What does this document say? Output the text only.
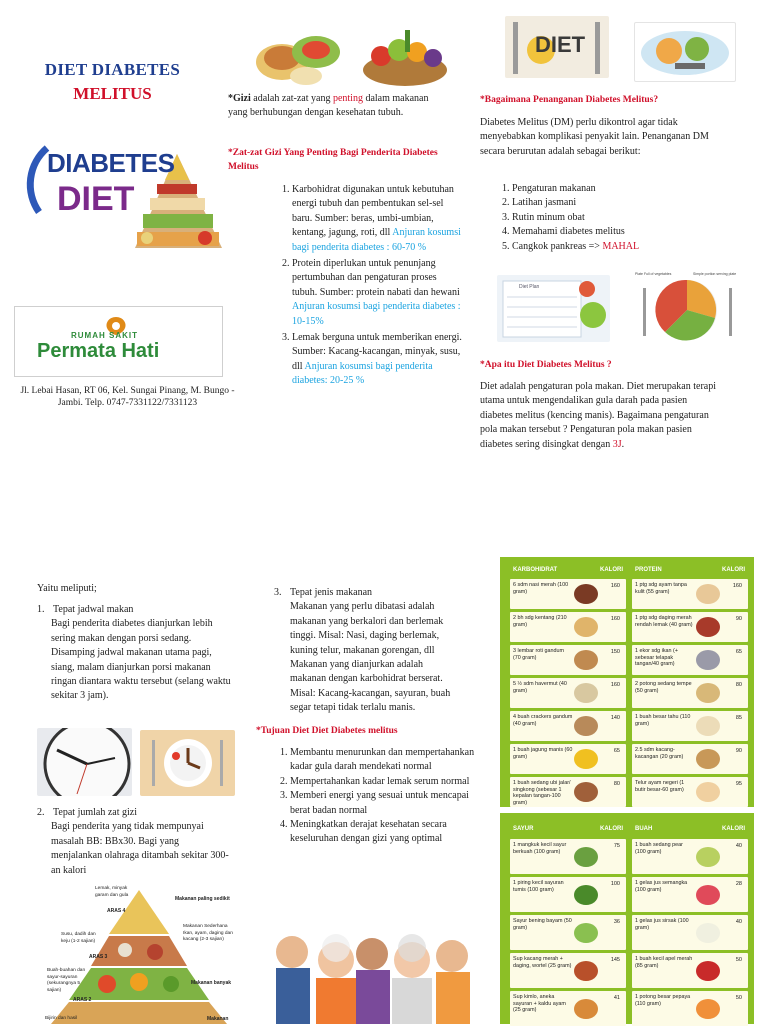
DIET DIABETES
MELITUS
DIABETES
DIET
RUMAH SAKIT
Permata Hati
Jl. Lebai Hasan, RT 06, Kel. Sungai Pinang, M. Bungo - Jambi. Telp. 0747-7331122/7331123
*Gizi adalah zat-zat yang penting dalam makanan yang berhubungan dengan kesehatan tubuh.
*Zat-zat Gizi Yang Penting Bagi Penderita Diabetes Melitus
1. Karbohidrat digunakan untuk kebutuhan energi tubuh dan pembentukan sel-sel baru. Sumber: beras, umbi-umbian, kentang, jagung, roti, dll Anjuran kosumsi bagi penderita diabetes : 60-70 %
2. Protein diperlukan untuk penunjang pertumbuhan dan pengaturan proses tubuh. Sumber: protein nabati dan hewani Anjuran kosumsi bagi penderita diabetes : 10-15%
3. Lemak berguna untuk memberikan energi. Sumber: Kacang-kacangan, minyak, susu, dll Anjuran kosumsi bagi penderita diabetes: 20-25 %
DIET
*Bagaimana Penanganan Diabetes Melitus?
Diabetes Melitus (DM) perlu dikontrol agar tidak menyebabkan komplikasi penyakit lain. Penanganan DM secara berurutan adalah sebagai berikut:
1. Pengaturan makanan
2. Latihan jasmani
3. Rutin minum obat
4. Memahami diabetes melitus
5. Cangkok pankreas => MAHAL
Diet Plan
Plate Full of vegetables	Simple portion serving plate
*Apa itu Diet Diabetes Melitus ?
Diet adalah pengaturan pola makan. Diet merupakan terapi utama untuk mengendalikan gula darah pada pasien diabetes melitus (kencing manis). Bagaimana pengaturan pola makan tersebut ? Pengaturan pola makan pasien diabetes sering disingkat dengan 3J.
Yaitu meliputi;
1. Tepat jadwal makan
Bagi penderita diabetes dianjurkan lebih sering makan dengan porsi sedang. Disamping jadwal makanan utama pagi, siang, malam dianjurkan porsi makanan ringan diantara waktu tersebut (selang waktu sekitar 3 jam).
2. Tepat jumlah zat gizi
Bagi penderita yang tidak mempunyai masalah BB: BBx30. Bagi yang menjalankan olahraga ditambah sekitar 300-an kalori
Lemak, minyak garam dan gula
ARAS 4
Makanan paling sedikit
Susu, dadih dan keju (1-2 sajian)
Makanan Sederhana Ikan, ayam, daging dan kacang (2-3 sajian)
ARAS 3
Buah-buahan dan sayur-sayuran (sekurangnya 5 sajian)
ARAS 2
Makanan banyak
Bijirin dan hasil	Makanan
3. Tepat jenis makanan
Makanan yang perlu dibatasi adalah makanan yang berkalori dan berlemak tinggi. Misal: Nasi, daging berlemak, kuning telur, makanan gorengan, dll Makanan yang dianjurkan adalah makanan dengan karbohidrat berserat. Misal: Kacang-kacangan, sayuran, buah segar tetapi tidak terlalu manis.
*Tujuan Diet Diet Diabetes melitus
1. Membantu menurunkan dan mempertahankan kadar gula darah mendekati normal
2. Mempertahankan kadar lemak serum normal
3. Memberi energi yang sesuai untuk mencapai berat badan normal
4. Meningkatkan derajat kesehatan secara keseluruhan dengan gizi yang optimal
KARBOHIDRAT	KALORI
6 sdm nasi merah (100 gram)
160
2 bh sdg kentang (210 gram)
160
3 lembar roti gandum (70 gram)
150
5 ½ sdm havermut (40 gram)
160
4 buah crackers gandum (40 gram)
140
1 buah jagung manis (60 gram)
65
1 buah sedang ubi jalar/ singkong (sebesar 1 kepalan tangan-100 gram)
80
PROTEIN	KALORI
1 ptg sdg ayam tanpa kulit (55 gram)
160
1 ptg sdg daging merah rendah lemak (40 gram)
90
1 ekor sdg ikan (+ sebesar telapak tangan/40 gram)
65
2 potong sedang tempe (50 gram)
80
1 buah besar tahu (110 gram)
85
2.5 sdm kacang-kacangan (20 gram)
90
Telur ayam negeri (1 butir besar-60 gram)
95
SAYUR	KALORI
1 mangkuk kecil sayur berkuah (100 gram)
75
1 piring kecil sayuran tumis (100 gram)
100
Sayur bening bayam (50 gram)
36
Sup kacang merah + daging, wortel (25 gram)
145
Sup kimlo, aneka sayuran + kaldu ayam (25 gram)
41
BUAH	KALORI
1 buah sedang pear (100 gram)
40
1 gelas jus semangka (100 gram)
28
1 gelas jus sirsak (100 gram)
40
1 buah kecil apel merah (85 gram)
50
1 potong besar pepaya (110 gram)
50
